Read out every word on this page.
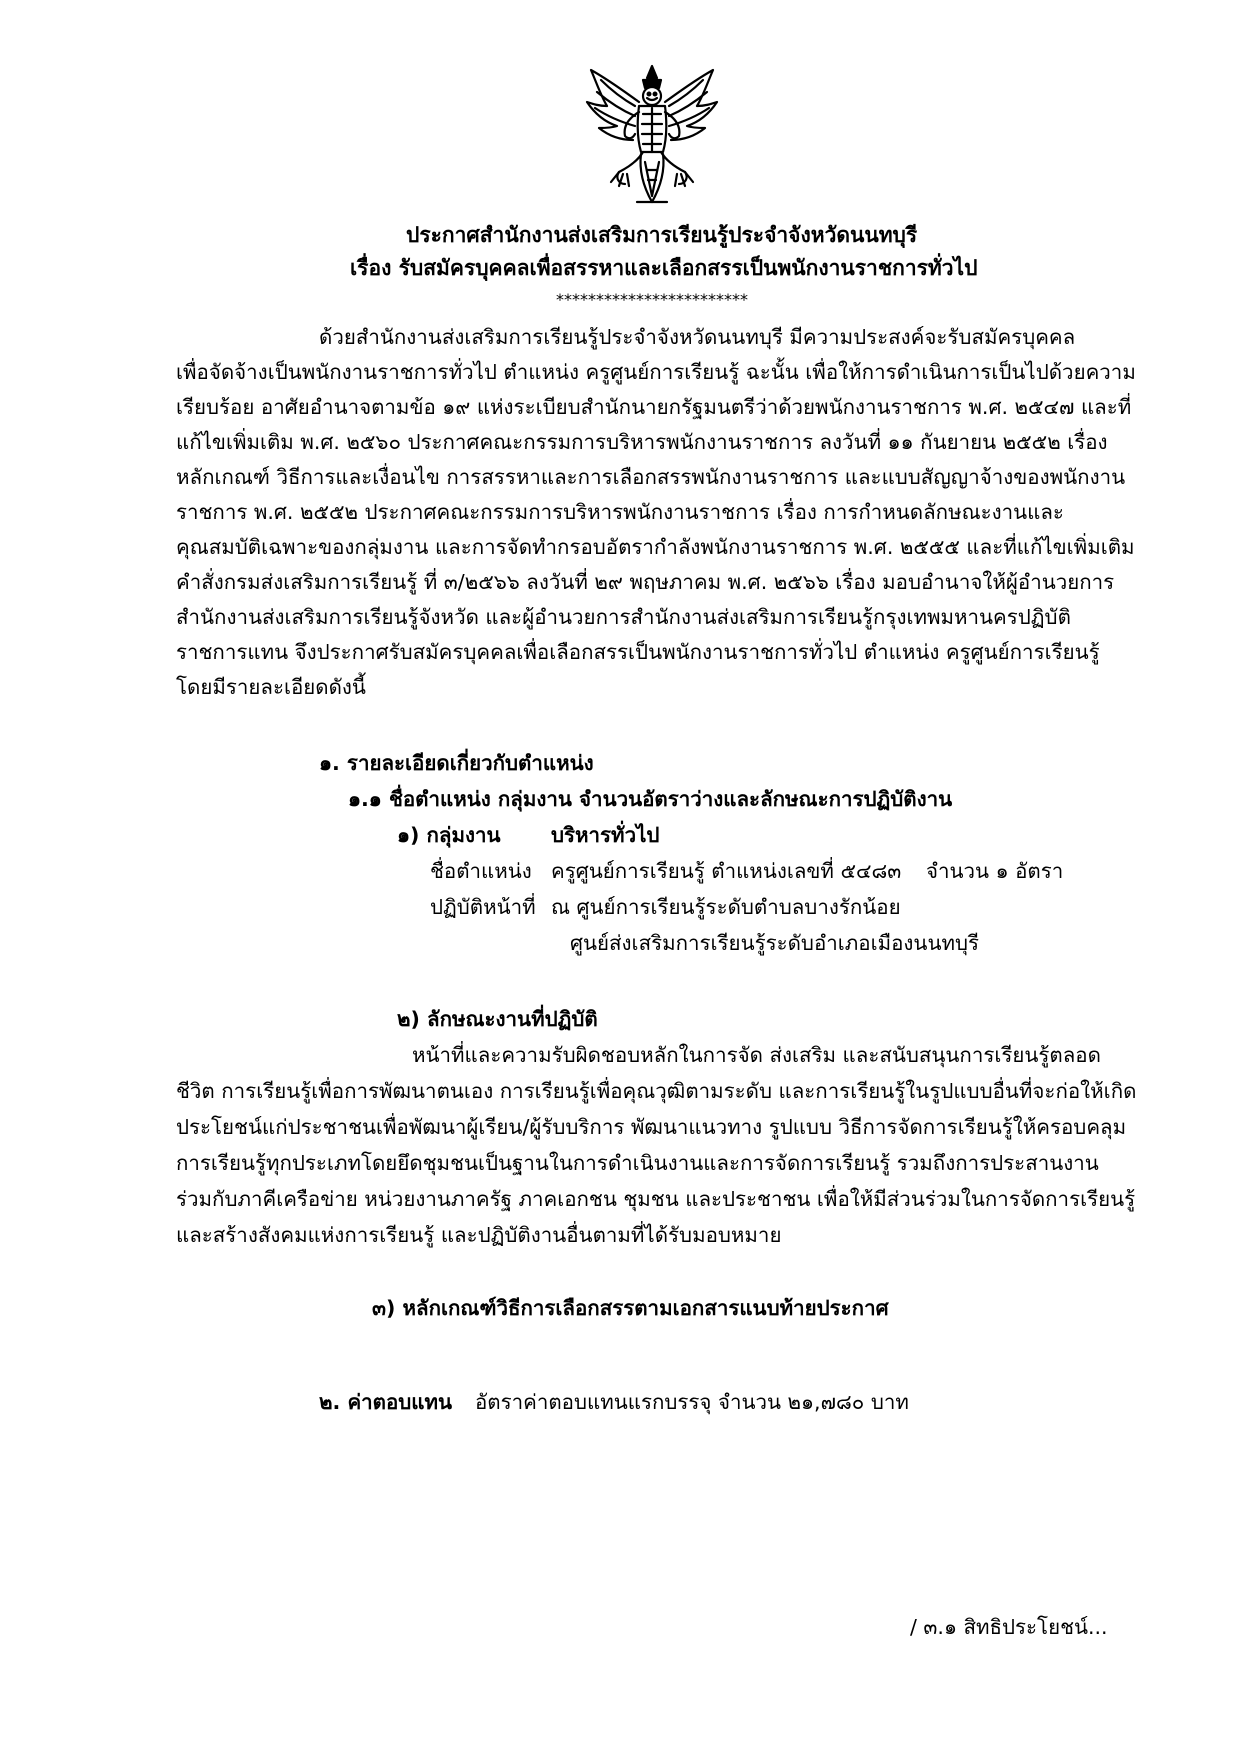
ประกาศสำนักงานส่งเสริมการเรียนรู้ประจำจังหวัดนนทบุรี
เรื่อง รับสมัครบุคคลเพื่อสรรหาและเลือกสรรเป็นพนักงานราชการทั่วไป
************************
ด้วยสำนักงานส่งเสริมการเรียนรู้ประจำจังหวัดนนทบุรี มีความประสงค์จะรับสมัครบุคคล
เพื่อจัดจ้างเป็นพนักงานราชการทั่วไป ตำแหน่ง ครูศูนย์การเรียนรู้ ฉะนั้น เพื่อให้การดำเนินการเป็นไปด้วยความ
เรียบร้อย อาศัยอำนาจตามข้อ ๑๙ แห่งระเบียบสำนักนายกรัฐมนตรีว่าด้วยพนักงานราชการ พ.ศ. ๒๕๔๗ และที่
แก้ไขเพิ่มเติม พ.ศ. ๒๕๖๐ ประกาศคณะกรรมการบริหารพนักงานราชการ ลงวันที่ ๑๑ กันยายน ๒๕๕๒ เรื่อง
หลักเกณฑ์ วิธีการและเงื่อนไข การสรรหาและการเลือกสรรพนักงานราชการ และแบบสัญญาจ้างของพนักงาน
ราชการ พ.ศ. ๒๕๕๒ ประกาศคณะกรรมการบริหารพนักงานราชการ เรื่อง การกำหนดลักษณะงานและ
คุณสมบัติเฉพาะของกลุ่มงาน และการจัดทำกรอบอัตรากำลังพนักงานราชการ พ.ศ. ๒๕๕๕ และที่แก้ไขเพิ่มเติม
คำสั่งกรมส่งเสริมการเรียนรู้ ที่ ๓/๒๕๖๖ ลงวันที่ ๒๙ พฤษภาคม พ.ศ. ๒๕๖๖ เรื่อง มอบอำนาจให้ผู้อำนวยการ
สำนักงานส่งเสริมการเรียนรู้จังหวัด และผู้อำนวยการสำนักงานส่งเสริมการเรียนรู้กรุงเทพมหานครปฏิบัติ
ราชการแทน จึงประกาศรับสมัครบุคคลเพื่อเลือกสรรเป็นพนักงานราชการทั่วไป ตำแหน่ง ครูศูนย์การเรียนรู้
โดยมีรายละเอียดดังนี้
๑. รายละเอียดเกี่ยวกับตำแหน่ง
๑.๑ ชื่อตำแหน่ง กลุ่มงาน จำนวนอัตราว่างและลักษณะการปฏิบัติงาน
๑) กลุ่มงาน บริหารทั่วไป
ชื่อตำแหน่ง ครูศูนย์การเรียนรู้ ตำแหน่งเลขที่ ๕๔๘๓ จำนวน ๑ อัตรา
ปฏิบัติหน้าที่ ณ ศูนย์การเรียนรู้ระดับตำบลบางรักน้อย
ศูนย์ส่งเสริมการเรียนรู้ระดับอำเภอเมืองนนทบุรี
๒) ลักษณะงานที่ปฏิบัติ
หน้าที่และความรับผิดชอบหลักในการจัด ส่งเสริม และสนับสนุนการเรียนรู้ตลอด
ชีวิต การเรียนรู้เพื่อการพัฒนาตนเอง การเรียนรู้เพื่อคุณวุฒิตามระดับ และการเรียนรู้ในรูปแบบอื่นที่จะก่อให้เกิด
ประโยชน์แก่ประชาชนเพื่อพัฒนาผู้เรียน/ผู้รับบริการ พัฒนาแนวทาง รูปแบบ วิธีการจัดการเรียนรู้ให้ครอบคลุม
การเรียนรู้ทุกประเภทโดยยึดชุมชนเป็นฐานในการดำเนินงานและการจัดการเรียนรู้ รวมถึงการประสานงาน
ร่วมกับภาคีเครือข่าย หน่วยงานภาครัฐ ภาคเอกชน ชุมชน และประชาชน เพื่อให้มีส่วนร่วมในการจัดการเรียนรู้
และสร้างสังคมแห่งการเรียนรู้ และปฏิบัติงานอื่นตามที่ได้รับมอบหมาย
๓) หลักเกณฑ์วิธีการเลือกสรรตามเอกสารแนบท้ายประกาศ
๒. ค่าตอบแทน อัตราค่าตอบแทนแรกบรรจุ จำนวน ๒๑,๗๘๐ บาท
/ ๓.๑ สิทธิประโยชน์...
